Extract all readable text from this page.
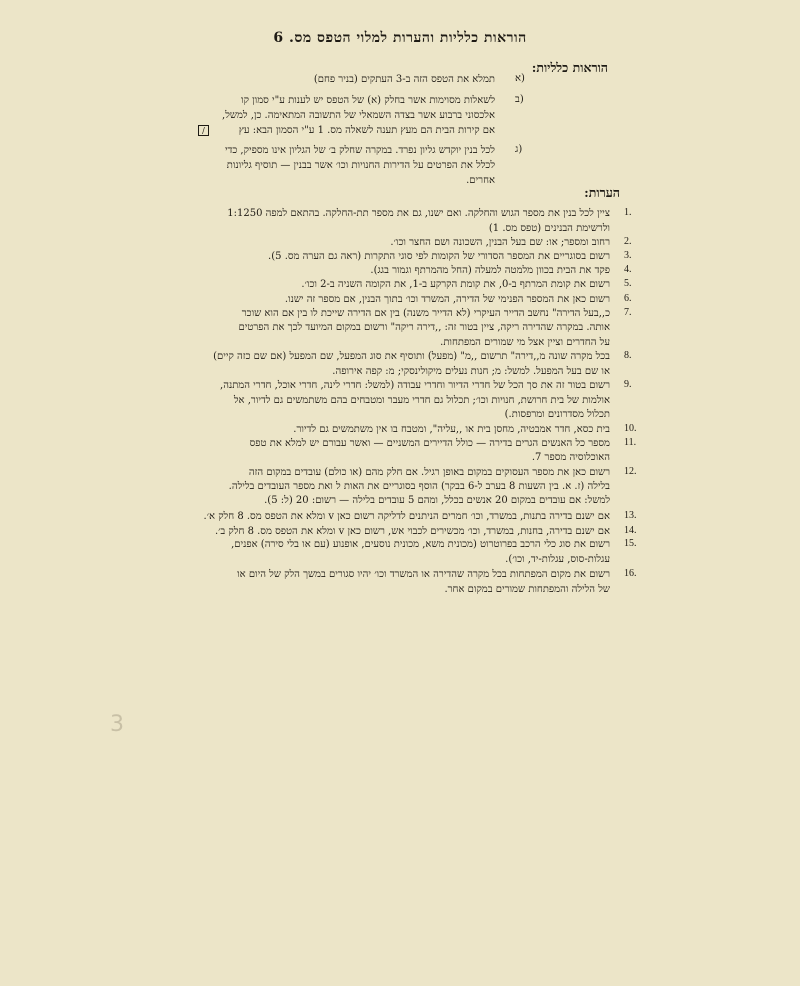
הוראות כלליות והערות למלוי הטפס מס. 6
הוראות כלליות:
א)
תמלא את הטפס הזה ב-3 העתקים (בניר פחם)
ב)
לשאלות מסוימות אשר בחלק (א) של הטפס יש לענות ע"י סמון קו
אלכסוני ברבוע אשר בצדה השמאלי של התשובה המתאימה. כן, למשל,
אם קירות הבית הם מעץ תענה לשאלה מס. 1 ע"י הסמון הבא: עץ
/
ג)
לכל בנין יוקדש גליון נפרד. במקרה שחלק ב׳ של הגליון אינו מספיק, כדי
לכלל את הפרטים על הדירות החנויות וכו׳ אשר בבנין — תוסיף גליונות
אחרים.
הערות:
1.
ציין לכל בנין את מספר הגוש והחלקה. ואם ישנו, גם את מספר תת-החלקה. בהתאם למפה 1:1250
ולרשימת הבנינים (טפס מס. 1)
2.
רחוב ומספר; או: שם בעל הבנין, השכונה ושם החצר וכו׳.
3.
רשום בסוגריים את המספר הסדורי של הקומות לפי סוגי התקרות (ראה גם הערה מס. 5).
4.
פקד את הבית בכוון מלמטה למעלה (החל מהמרתף וגמור בגג).
5.
רשום את קומת המרתף ב-0, את קומת הקרקע ב-1, את הקומה השניה ב-2 וכו׳.
6.
רשום כאן את המספר הפנימי של הדירה, המשרד וכו׳ בתוך הבנין, אם מספר זה ישנו.
7.
כ,,בעל הדירה" נחשב הדייר העיקרי (לא הדייר משנה) בין אם הדירה שייכת לו בין אם הוא שוכר
אותה. במקרה שהדירה ריקה, ציין בטור זה: ,,דירה ריקה" ורשום במקום המיועד לכך את הפרטים
על החדרים וציין אצל מי שמורים המפתחות.
8.
בכל מקרה שונה מ,,דירה" תרשום ,,מ" (מפעל) ותוסיף את סוג המפעל, שם המפעל (אם שם כזה קיים)
או שם בעל המפעל. למשל: מ; חנות נעלים מיקולינסקי; מ: קפה אירופה.
9.
רשום בטור זה את סך הכל של חדרי הדיור וחדרי עבודה (למשל: חדרי לינה, חדרי אוכל, חדרי המתנה,
אולמות של בית חרושת, חנויות וכו׳; תכלול גם חדרי מעבר ומטבחים בהם משתמשים גם לדיור, אל
תכלול מסדרונים ומרפסות.)
10.
בית כסא, חדר אמבטיה, מחסן בית או ,,עליה", ומטבח בו אין משתמשים גם לדיור.
11.
מספר כל האנשים הגרים בדירה — כולל הדיירים המשניים — ואשר עבורם יש למלא את טפס
האוכלוסיה מספר 7.
12.
רשום כאן את מספר העסוקים במקום באופן רגיל. אם חלק מהם (או כולם) עובדים במקום הזה
בלילה (ז. א. בין השעות 8 בערב ל-6 בבקר) הוסף בסוגריים את האות ל ואת מספר העובדים בלילה.
למשל: אם עובדים במקום 20 אנשים בכלל, ומהם 5 עובדים בלילה — רשום: 20 (ל: 5).
13.
אם ישנם בדירה בתנות, במשרד, וכו׳ חמרים הניתנים לדליקה רשום כאן v ומלא את הטפס מס. 8 חלק א׳.
14.
אם ישנם בדירה, בחנות, במשרד, וכו׳ מכשירים לכבוי אש, רשום כאן v ומלא את הטפס מס. 8 חלק ב׳.
15.
רשום את סוג כלי הרכב בפרוטרוט (מכונית משא, מכונית נוסעים, אופנוע (עם או בלי סירה) אפנים,
עגלות-סוס, עגלות-יד, וכו׳).
16.
רשום את מקום המפתחות בכל מקרה שהדירה או המשרד וכו׳ יהיו סגורים במשך הלק של היום או
של הלילה והמפתחות שמורים במקום אחר.
3
